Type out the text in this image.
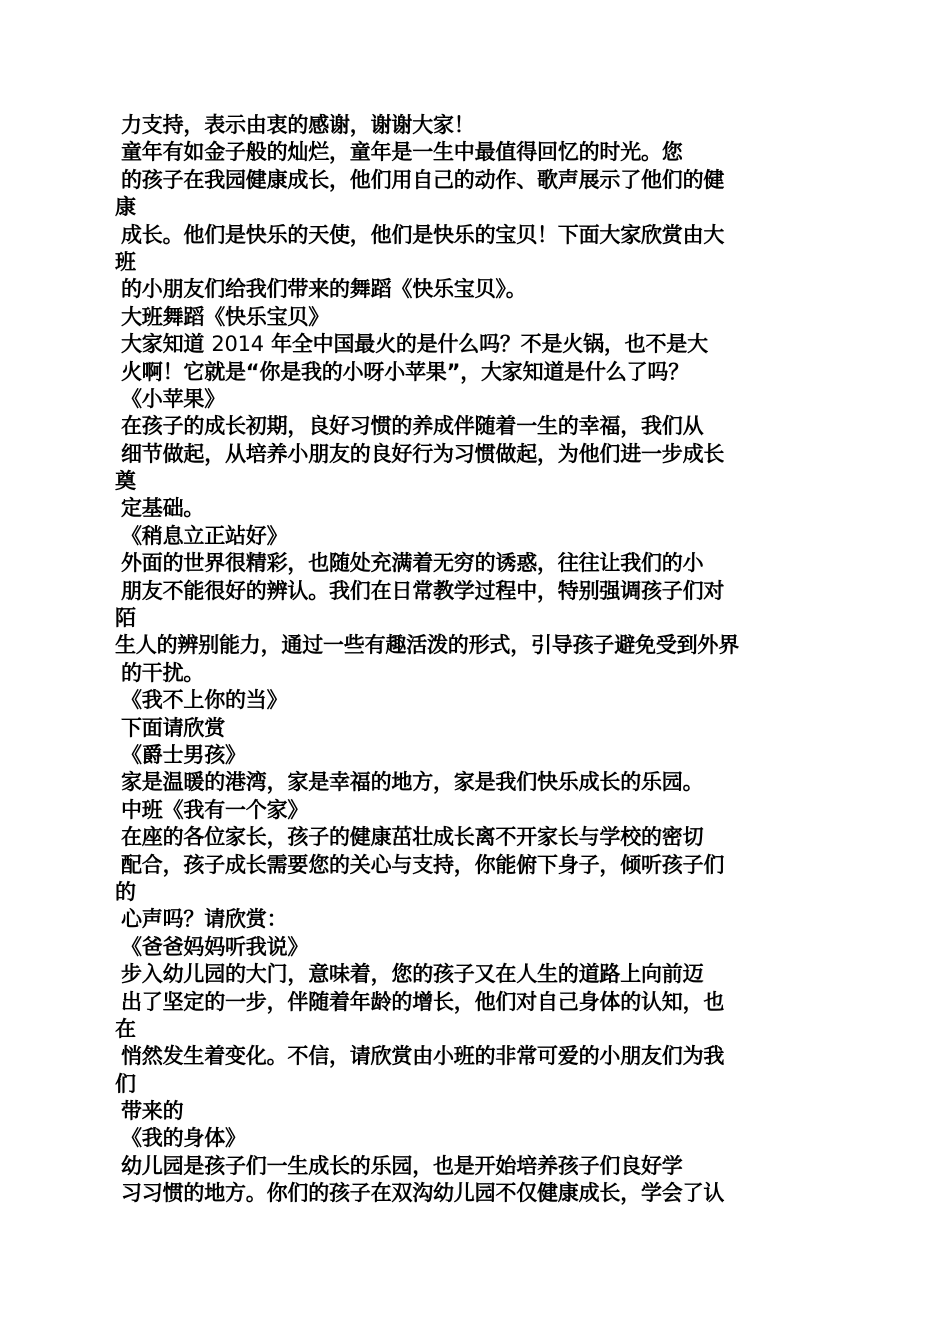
力支持，表示由衷的感谢，谢谢大家！
童年有如金子般的灿烂，童年是一生中最值得回忆的时光。您
的孩子在我园健康成长，他们用自己的动作、歌声展示了他们的健
康
成长。他们是快乐的天使，他们是快乐的宝贝！下面大家欣赏由大
班
的小朋友们给我们带来的舞蹈《快乐宝贝》。
大班舞蹈《快乐宝贝》
大家知道 2014 年全中国最火的是什么吗？不是火锅，也不是大
火啊！它就是“你是我的小呀小苹果”，大家知道是什么了吗？
《小苹果》
在孩子的成长初期，良好习惯的养成伴随着一生的幸福，我们从
细节做起，从培养小朋友的良好行为习惯做起，为他们进一步成长
奠
定基础。
《稍息立正站好》
外面的世界很精彩，也随处充满着无穷的诱惑，往往让我们的小
朋友不能很好的辨认。我们在日常教学过程中，特别强调孩子们对
陌
生人的辨别能力，通过一些有趣活泼的形式，引导孩子避免受到外界
的干扰。
《我不上你的当》
下面请欣赏
《爵士男孩》
家是温暖的港湾，家是幸福的地方，家是我们快乐成长的乐园。
中班《我有一个家》
在座的各位家长，孩子的健康茁壮成长离不开家长与学校的密切
配合，孩子成长需要您的关心与支持，你能俯下身子，倾听孩子们
的
心声吗？请欣赏：
《爸爸妈妈听我说》
步入幼儿园的大门，意味着，您的孩子又在人生的道路上向前迈
出了坚定的一步，伴随着年龄的增长，他们对自己身体的认知，也
在
悄然发生着变化。不信，请欣赏由小班的非常可爱的小朋友们为我
们
带来的
《我的身体》
幼儿园是孩子们一生成长的乐园，也是开始培养孩子们良好学
习习惯的地方。你们的孩子在双沟幼儿园不仅健康成长，学会了认
